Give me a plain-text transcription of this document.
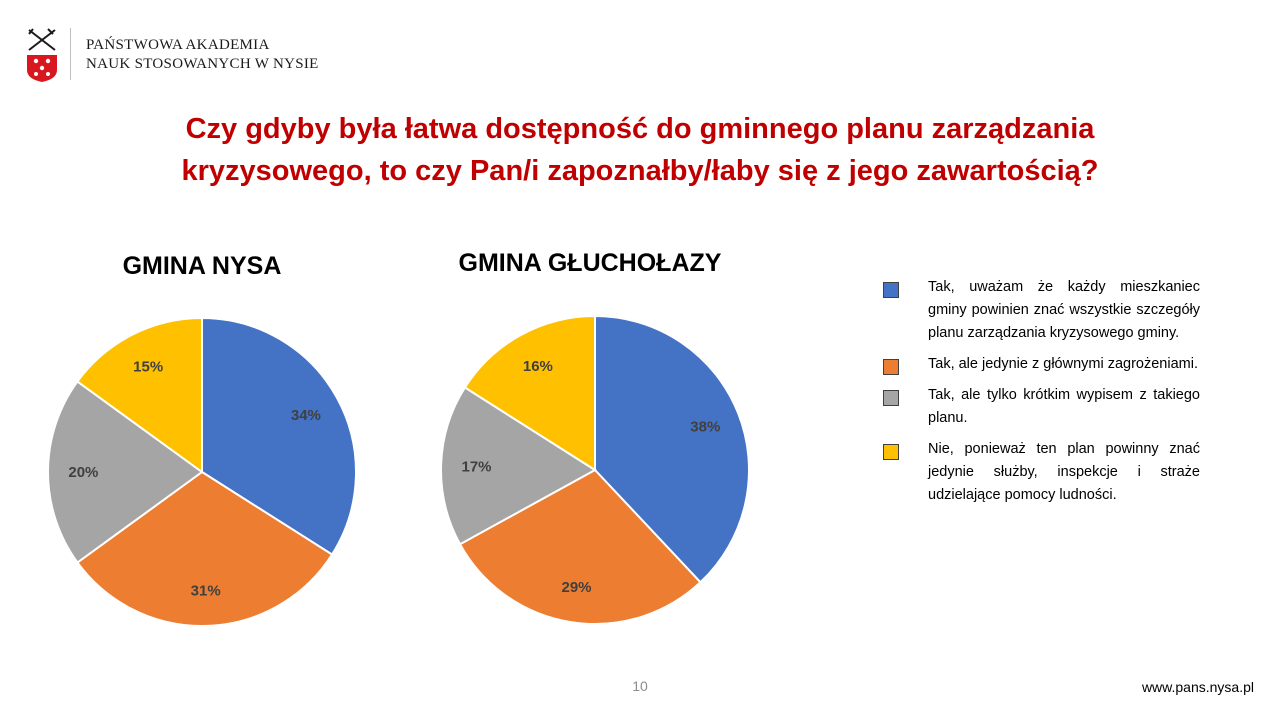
PAŃSTWOWA AKADEMIA
NAUK STOSOWANYCH W NYSIE
Czy gdyby była łatwa dostępność do gminnego planu zarządzania
kryzysowego, to czy Pan/i zapoznałby/łaby się z jego zawartością?
GMINA NYSA	GMINA GŁUCHOŁAZY
34%
31%
20%
15%
38%
29%
17%
16%
Tak, uważam że każdy mieszkaniec gminy powinien znać wszystkie szczegóły planu zarządzania kryzysowego gminy.
Tak, ale jedynie z głównymi zagrożeniami.
Tak, ale tylko krótkim wypisem z takiego planu.
Nie, ponieważ ten plan powinny znać jedynie służby, inspekcje i straże udzielające pomocy ludności.
10	www.pans.nysa.pl
